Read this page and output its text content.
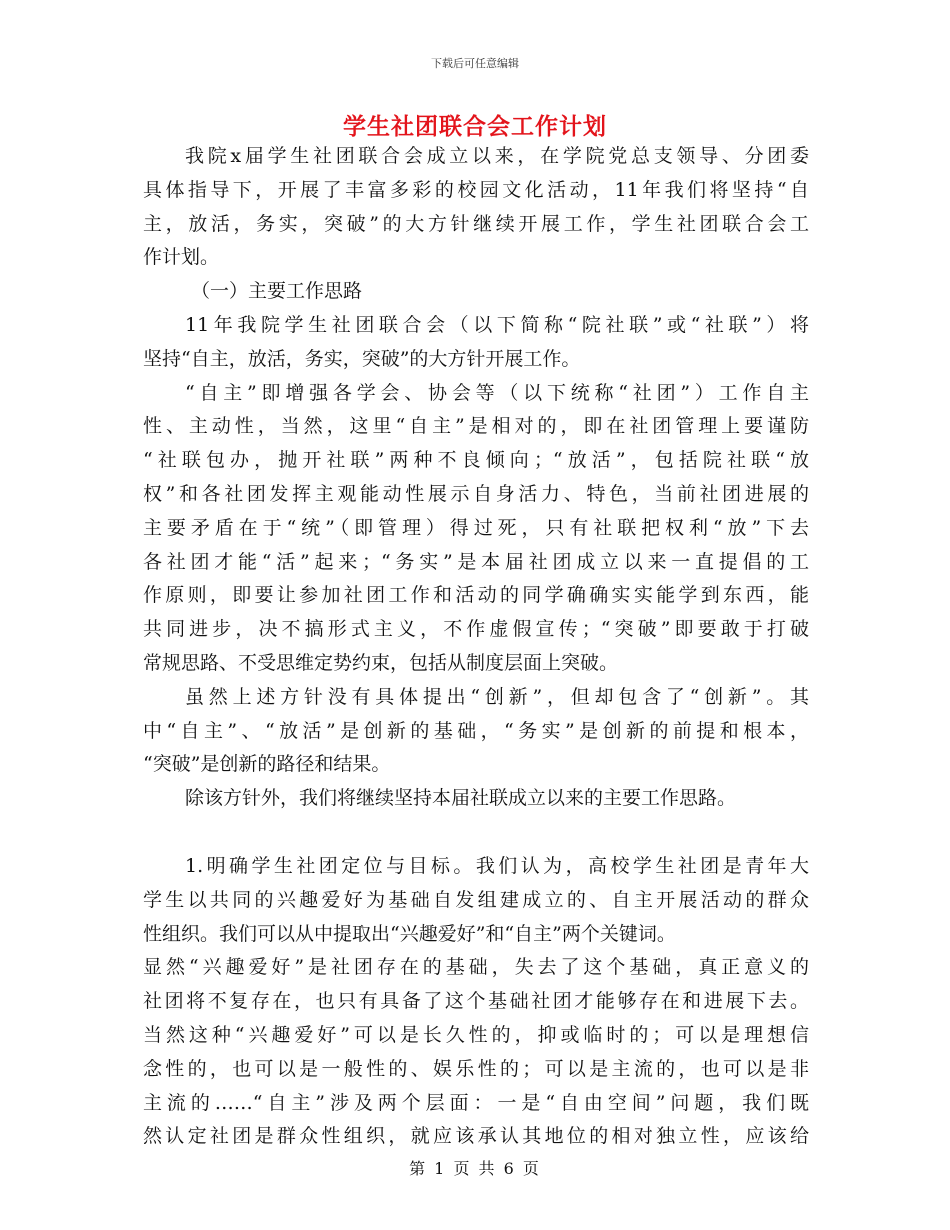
下载后可任意编辑
学生社团联合会工作计划
我院x届学生社团联合会成立以来，在学院党总支领导、分团委
具体指导下，开展了丰富多彩的校园文化活动，11年我们将坚持“自
主，放活，务实，突破”的大方针继续开展工作，学生社团联合会工
作计划。
（一）主要工作思路
11年我院学生社团联合会（以下简称“院社联”或“社联”）将
坚持“自主，放活，务实，突破”的大方针开展工作。
“自主”即增强各学会、协会等（以下统称“社团”）工作自主
性、主动性，当然，这里“自主”是相对的，即在社团管理上要谨防
“社联包办，抛开社联”两种不良倾向；“放活”，包括院社联“放
权”和各社团发挥主观能动性展示自身活力、特色，当前社团进展的
主要矛盾在于“统”（即管理）得过死，只有社联把权利“放”下去
各社团才能“活”起来；“务实”是本届社团成立以来一直提倡的工
作原则，即要让参加社团工作和活动的同学确确实实能学到东西，能
共同进步，决不搞形式主义，不作虚假宣传；“突破”即要敢于打破
常规思路、不受思维定势约束，包括从制度层面上突破。
虽然上述方针没有具体提出“创新”，但却包含了“创新”。其
中“自主”、“放活”是创新的基础，“务实”是创新的前提和根本，
“突破”是创新的路径和结果。
除该方针外，我们将继续坚持本届社联成立以来的主要工作思路。
1.明确学生社团定位与目标。我们认为，高校学生社团是青年大
学生以共同的兴趣爱好为基础自发组建成立的、自主开展活动的群众
性组织。我们可以从中提取出“兴趣爱好”和“自主”两个关键词。
显然“兴趣爱好”是社团存在的基础，失去了这个基础，真正意义的
社团将不复存在，也只有具备了这个基础社团才能够存在和进展下去。
当然这种“兴趣爱好”可以是长久性的，抑或临时的；可以是理想信
念性的，也可以是一般性的、娱乐性的；可以是主流的，也可以是非
主流的……“自主”涉及两个层面：一是“自由空间”问题，我们既
然认定社团是群众性组织，就应该承认其地位的相对独立性，应该给
第 1 页 共 6 页
